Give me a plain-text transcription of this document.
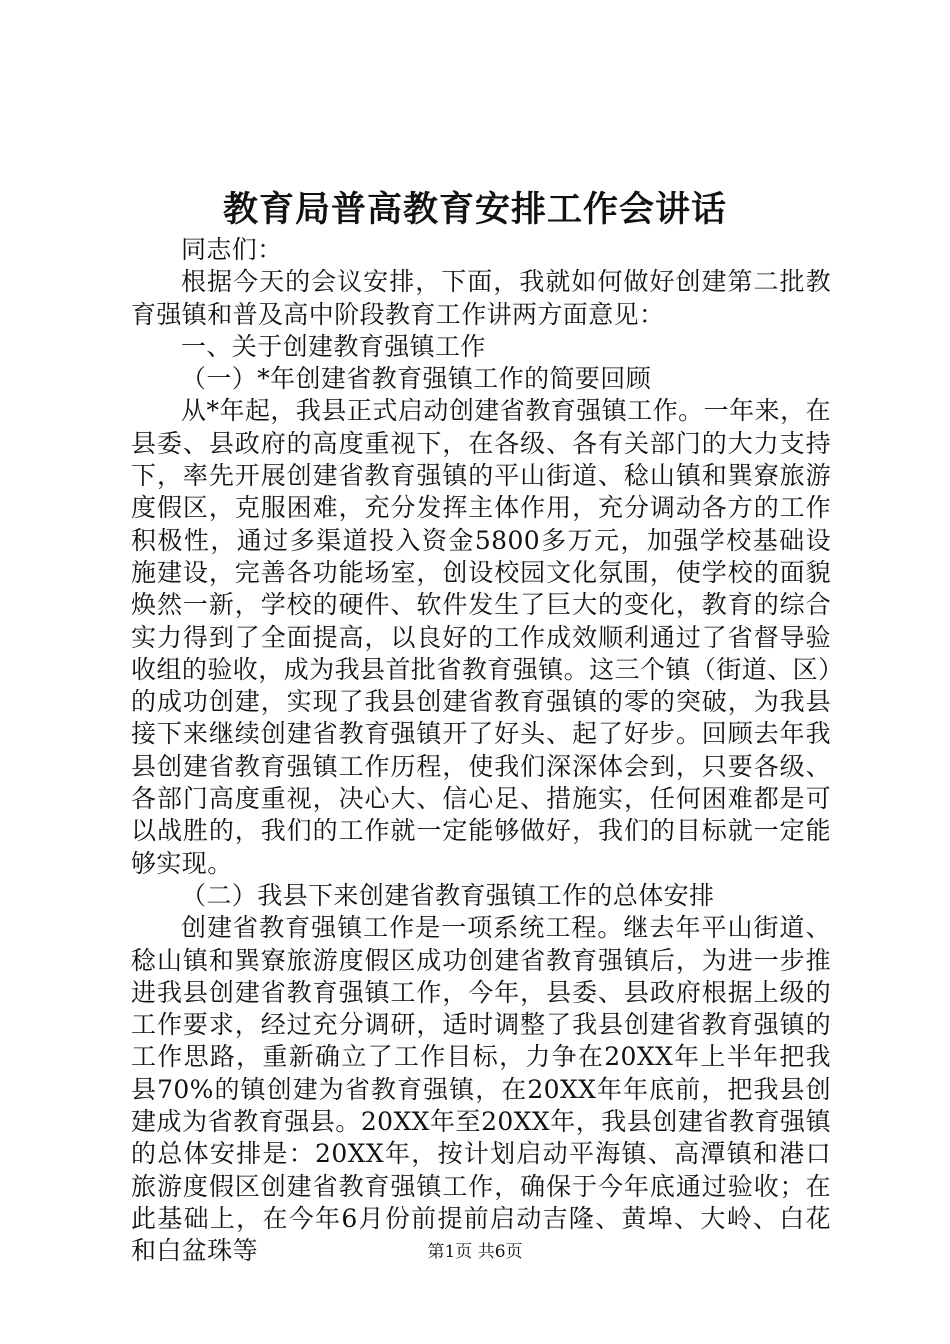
教育局普高教育安排工作会讲话

同志们：

根据今天的会议安排，下面，我就如何做好创建第二批教育强镇和普及高中阶段教育工作讲两方面意见：

一、关于创建教育强镇工作

（一）*年创建省教育强镇工作的简要回顾

从*年起，我县正式启动创建省教育强镇工作。一年来，在县委、县政府的高度重视下，在各级、各有关部门的大力支持下，率先开展创建省教育强镇的平山街道、稔山镇和巽寮旅游度假区，克服困难，充分发挥主体作用，充分调动各方的工作积极性，通过多渠道投入资金5800多万元，加强学校基础设施建设，完善各功能场室，创设校园文化氛围，使学校的面貌焕然一新，学校的硬件、软件发生了巨大的变化，教育的综合实力得到了全面提高，以良好的工作成效顺利通过了省督导验收组的验收，成为我县首批省教育强镇。这三个镇（街道、区）的成功创建，实现了我县创建省教育强镇的零的突破，为我县接下来继续创建省教育强镇开了好头、起了好步。回顾去年我县创建省教育强镇工作历程，使我们深深体会到，只要各级、各部门高度重视，决心大、信心足、措施实，任何困难都是可以战胜的，我们的工作就一定能够做好，我们的目标就一定能够实现。

（二）我县下来创建省教育强镇工作的总体安排

创建省教育强镇工作是一项系统工程。继去年平山街道、稔山镇和巽寮旅游度假区成功创建省教育强镇后，为进一步推进我县创建省教育强镇工作，今年，县委、县政府根据上级的工作要求，经过充分调研，适时调整了我县创建省教育强镇的工作思路，重新确立了工作目标，力争在20XX年上半年把我县70%的镇创建为省教育强镇，在20XX年年底前，把我县创建成为省教育强县。20XX年至20XX年，我县创建省教育强镇的总体安排是：20XX年，按计划启动平海镇、高潭镇和港口旅游度假区创建省教育强镇工作，确保于今年底通过验收；在此基础上，在今年6月份前提前启动吉隆、黄埠、大岭、白花和白盆珠等	第1页 共6页
